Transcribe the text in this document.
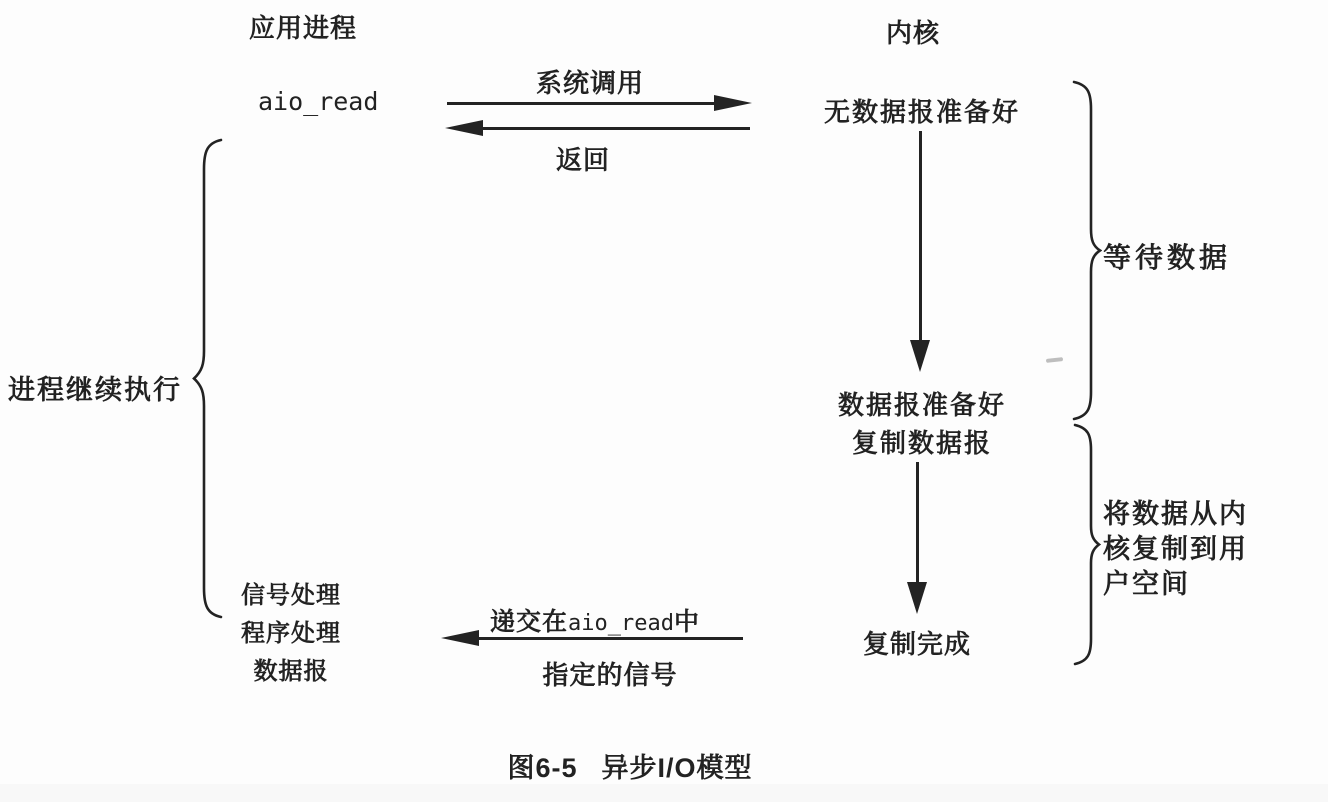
应用进程	内核
aio_read
系统调用
返回
无数据报准备好
等待数据
数据报准备好
复制数据报
将数据从内
核复制到用
户空间
复制完成
进程继续执行
信号处理
程序处理
数据报
递交在 aio_read 中
指定的信号
图6-5 异步I/O模型
